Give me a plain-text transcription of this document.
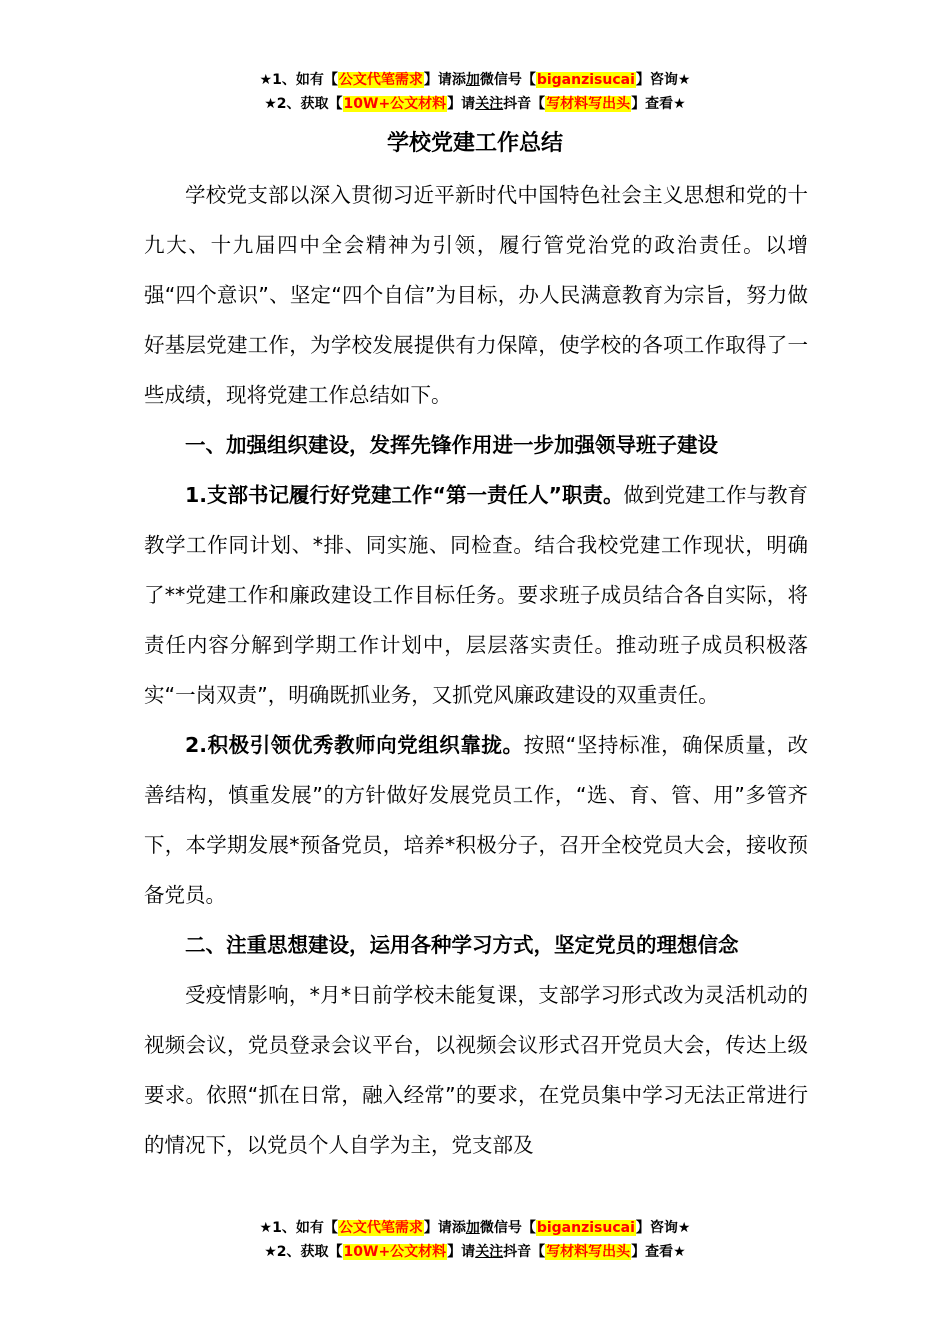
★1、如有【公文代笔需求】请添加微信号【biganzisucai】咨询★
★2、获取【10W+公文材料】请关注抖音【写材料写出头】查看★
学校党建工作总结

学校党支部以深入贯彻习近平新时代中国特色社会主义思想和党的十九大、十九届四中全会精神为引领，履行管党治党的政治责任。以增强“四个意识”、坚定“四个自信”为目标，办人民满意教育为宗旨，努力做好基层党建工作，为学校发展提供有力保障，使学校的各项工作取得了一些成绩，现将党建工作总结如下。

一、加强组织建设，发挥先锋作用进一步加强领导班子建设

1.支部书记履行好党建工作“第一责任人”职责。做到党建工作与教育教学工作同计划、*排、同实施、同检查。结合我校党建工作现状，明确了**党建工作和廉政建设工作目标任务。要求班子成员结合各自实际，将责任内容分解到学期工作计划中，层层落实责任。推动班子成员积极落实“一岗双责”，明确既抓业务，又抓党风廉政建设的双重责任。

2.积极引领优秀教师向党组织靠拢。按照“坚持标准，确保质量，改善结构，慎重发展”的方针做好发展党员工作，“选、育、管、用”多管齐下，本学期发展*预备党员，培养*积极分子，召开全校党员大会，接收预备党员。

二、注重思想建设，运用各种学习方式，坚定党员的理想信念

受疫情影响，*月*日前学校未能复课，支部学习形式改为灵活机动的视频会议，党员登录会议平台，以视频会议形式召开党员大会，传达上级要求。依照“抓在日常，融入经常”的要求，在党员集中学习无法正常进行的情况下，以党员个人自学为主，党支部及

★1、如有【公文代笔需求】请添加微信号【biganzisucai】咨询★
★2、获取【10W+公文材料】请关注抖音【写材料写出头】查看★
